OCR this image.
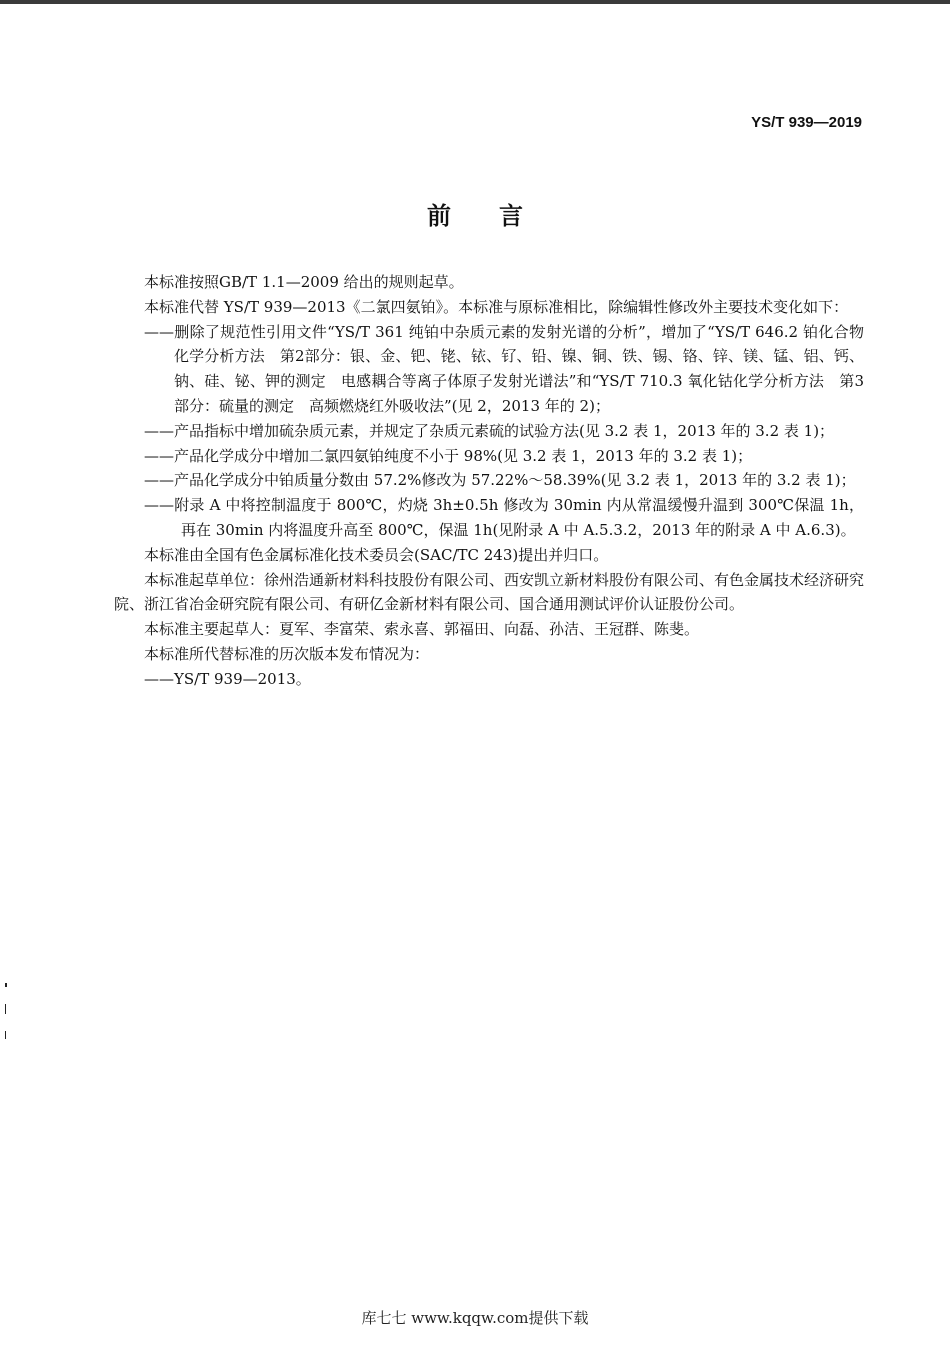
YS/T 939—2019
前言

本标准按照GB/T 1.1—2009 给出的规则起草。

本标准代替 YS/T 939—2013《二氯四氨铂》。本标准与原标准相比，除编辑性修改外主要技术变化如下：

——删除了规范性引用文件“YS/T 361 纯铂中杂质元素的发射光谱的分析”，增加了“YS/T 646.2 铂化合物化学分析方法　第2部分：银、金、钯、铑、铱、钌、铅、镍、铜、铁、锡、铬、锌、镁、锰、铝、钙、钠、硅、铋、钾的测定　电感耦合等离子体原子发射光谱法”和“YS/T 710.3 氧化钴化学分析方法　第3部分：硫量的测定　高频燃烧红外吸收法”(见 2，2013 年的 2)；

——产品指标中增加硫杂质元素，并规定了杂质元素硫的试验方法(见 3.2 表 1，2013 年的 3.2 表 1)；

——产品化学成分中增加二氯四氨铂纯度不小于 98%(见 3.2 表 1，2013 年的 3.2 表 1)；

——产品化学成分中铂质量分数由 57.2%修改为 57.22%～58.39%(见 3.2 表 1，2013 年的 3.2 表 1)；

——附录 A 中将控制温度于 800℃，灼烧 3h±0.5h 修改为 30min 内从常温缓慢升温到 300℃保温 1h，再在 30min 内将温度升高至 800℃，保温 1h(见附录 A 中 A.5.3.2，2013 年的附录 A 中 A.6.3)。

本标准由全国有色金属标准化技术委员会(SAC/TC 243)提出并归口。

本标准起草单位：徐州浩通新材料科技股份有限公司、西安凯立新材料股份有限公司、有色金属技术经济研究院、浙江省冶金研究院有限公司、有研亿金新材料有限公司、国合通用测试评价认证股份公司。

本标准主要起草人：夏军、李富荣、索永喜、郭福田、向磊、孙洁、王冠群、陈斐。

本标准所代替标准的历次版本发布情况为：

——YS/T 939—2013。

库七七 www.kqqw.com提供下载
